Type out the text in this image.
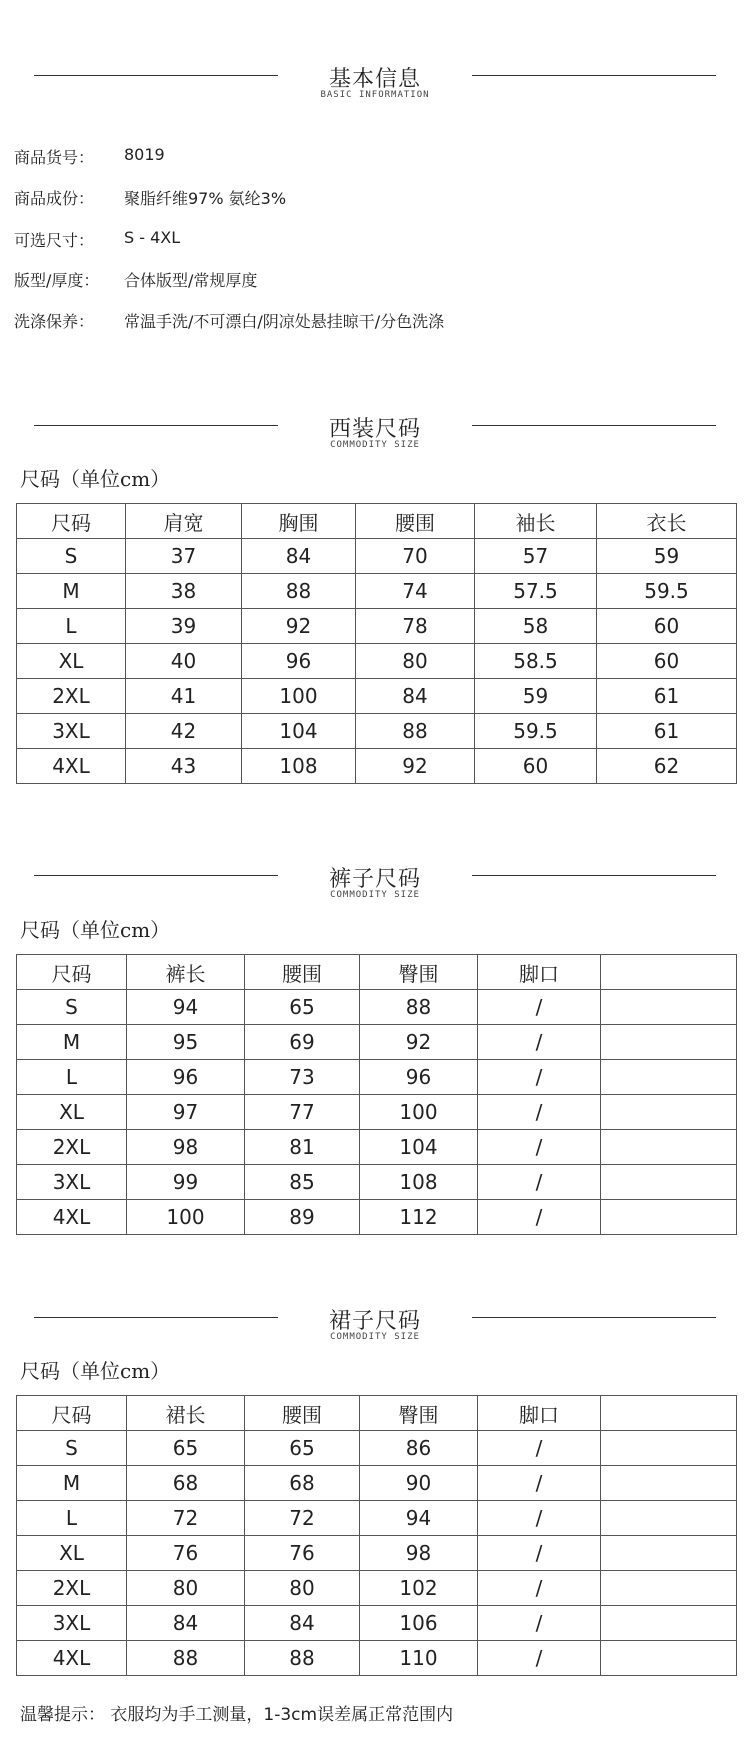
基本信息
BASIC INFORMATION
商品货号： 8019
商品成份： 聚脂纤维97% 氨纶3%
可选尺寸： S - 4XL
版型/厚度： 合体版型/常规厚度
洗涤保养： 常温手洗/不可漂白/阴凉处悬挂晾干/分色洗涤
西装尺码
COMMODITY SIZE
尺码（单位cm）
尺码	肩宽	胸围	腰围	袖长	衣长
S	37	84	70	57	59
M	38	88	74	57.5	59.5
L	39	92	78	58	60
XL	40	96	80	58.5	60
2XL	41	100	84	59	61
3XL	42	104	88	59.5	61
4XL	43	108	92	60	62
裤子尺码
COMMODITY SIZE
尺码（单位cm）
尺码	裤长	腰围	臀围	脚口	
S	94	65	88	/	
M	95	69	92	/	
L	96	73	96	/	
XL	97	77	100	/	
2XL	98	81	104	/	
3XL	99	85	108	/	
4XL	100	89	112	/	
裙子尺码
COMMODITY SIZE
尺码（单位cm）
尺码	裙长	腰围	臀围	脚口	
S	65	65	86	/	
M	68	68	90	/	
L	72	72	94	/	
XL	76	76	98	/	
2XL	80	80	102	/	
3XL	84	84	106	/	
4XL	88	88	110	/	
温馨提示： 衣服均为手工测量，1-3cm误差属正常范围内
